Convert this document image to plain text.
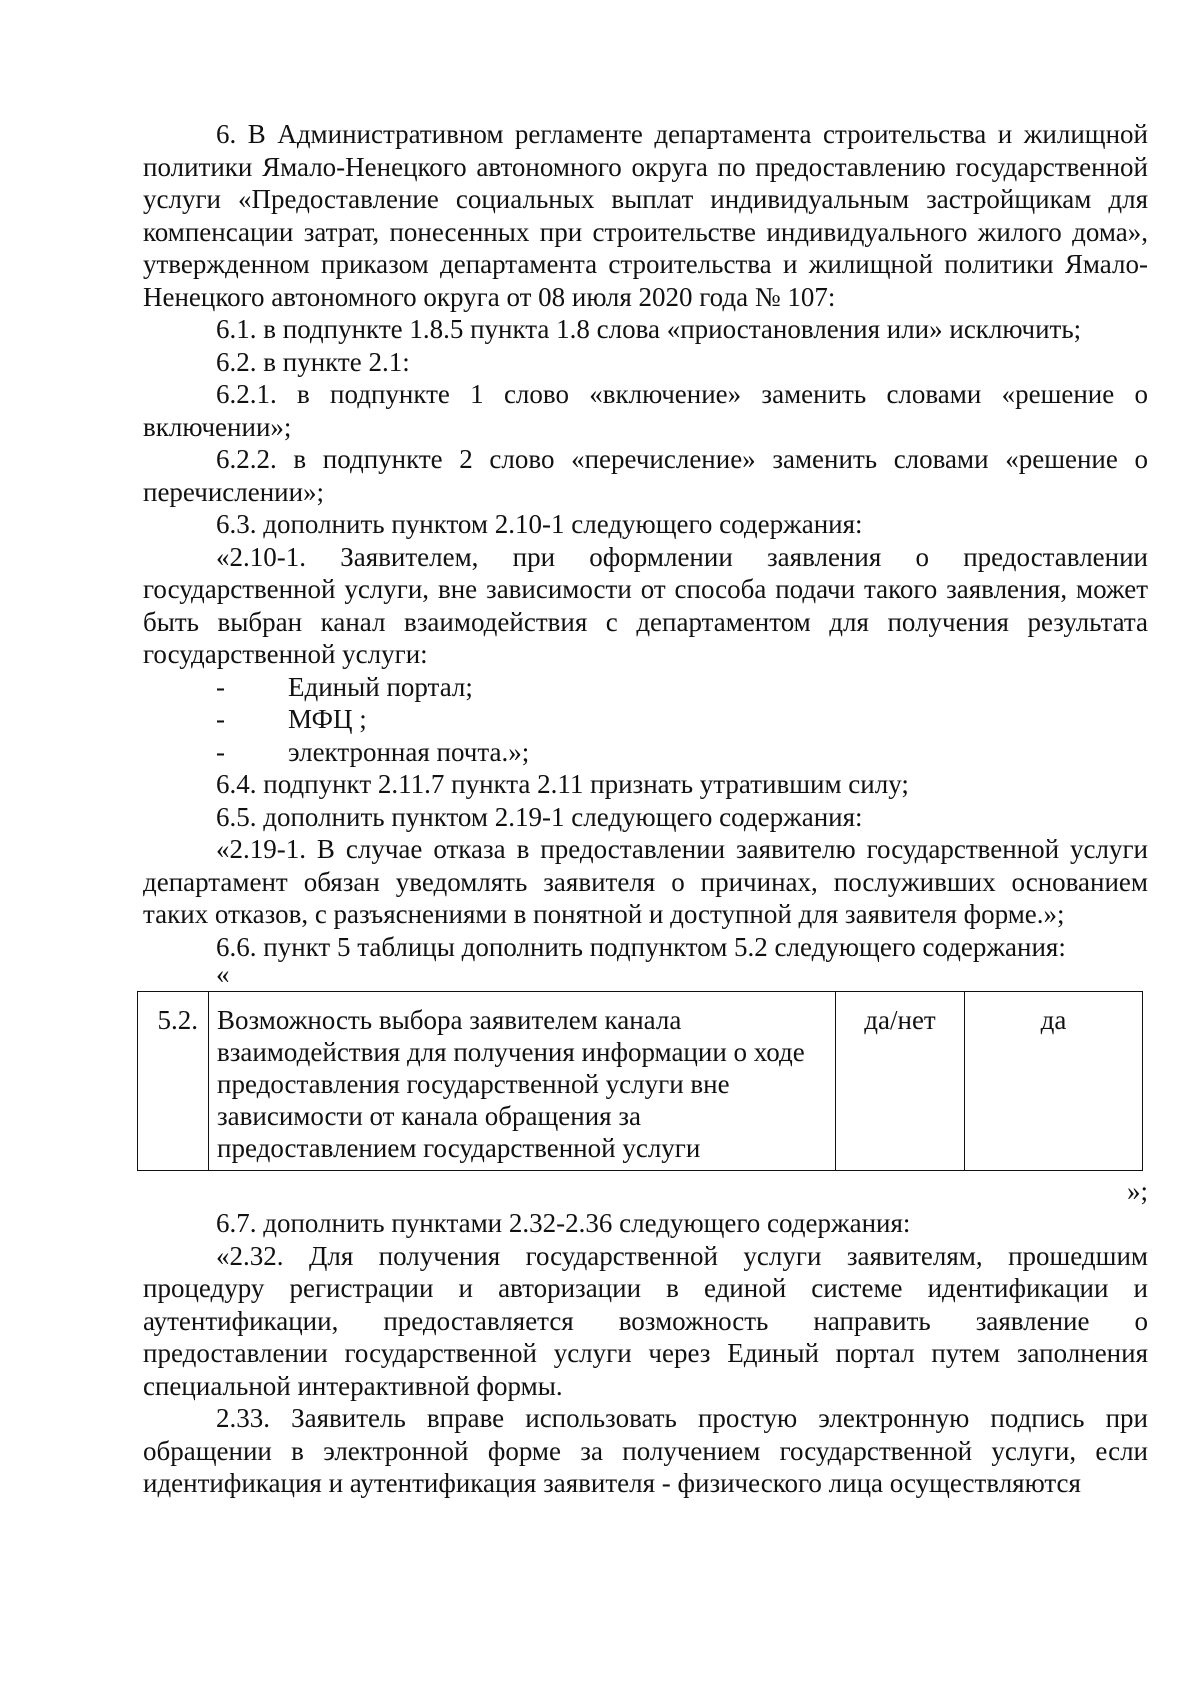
6. В Административном регламенте департамента строительства и жилищной политики Ямало-Ненецкого автономного округа по предоставлению государственной услуги «Предоставление социальных выплат индивидуальным застройщикам для компенсации затрат, понесенных при строительстве индивидуального жилого дома», утвержденном приказом департамента строительства и жилищной политики Ямало-Ненецкого автономного округа от 08 июля 2020 года № 107:

6.1. в подпункте 1.8.5 пункта 1.8 слова «приостановления или» исключить;

6.2. в пункте 2.1:

6.2.1. в подпункте 1 слово «включение» заменить словами «решение о включении»;

6.2.2. в подпункте 2 слово «перечисление» заменить словами «решение о перечислении»;

6.3. дополнить пунктом 2.10-1 следующего содержания:

«2.10-1. Заявителем, при оформлении заявления о предоставлении государственной услуги, вне зависимости от способа подачи такого заявления, может быть выбран канал взаимодействия с департаментом для получения результата государственной услуги:

-	Единый портал;
-	МФЦ ;
-	электронная почта.»;

6.4. подпункт 2.11.7 пункта 2.11 признать утратившим силу;

6.5. дополнить пунктом 2.19-1 следующего содержания:

«2.19-1. В случае отказа в предоставлении заявителю государственной услуги департамент обязан уведомлять заявителя о причинах, послуживших основанием таких отказов, с разъяснениями в понятной и доступной для заявителя форме.»;

6.6. пункт 5 таблицы дополнить подпунктом 5.2 следующего содержания:

«
5.2.	Возможность выбора заявителем канала взаимодействия для получения информации о ходе предоставления государственной услуги вне зависимости от канала обращения за предоставлением государственной услуги	да/нет	да
»;

6.7. дополнить пунктами 2.32-2.36 следующего содержания:

«2.32. Для получения государственной услуги заявителям, прошедшим процедуру регистрации и авторизации в единой системе идентификации и аутентификации, предоставляется возможность направить заявление о предоставлении государственной услуги через Единый портал путем заполнения специальной интерактивной формы.

2.33. Заявитель вправе использовать простую электронную подпись при обращении в электронной форме за получением государственной услуги, если идентификация и аутентификация заявителя - физического лица осуществляются
